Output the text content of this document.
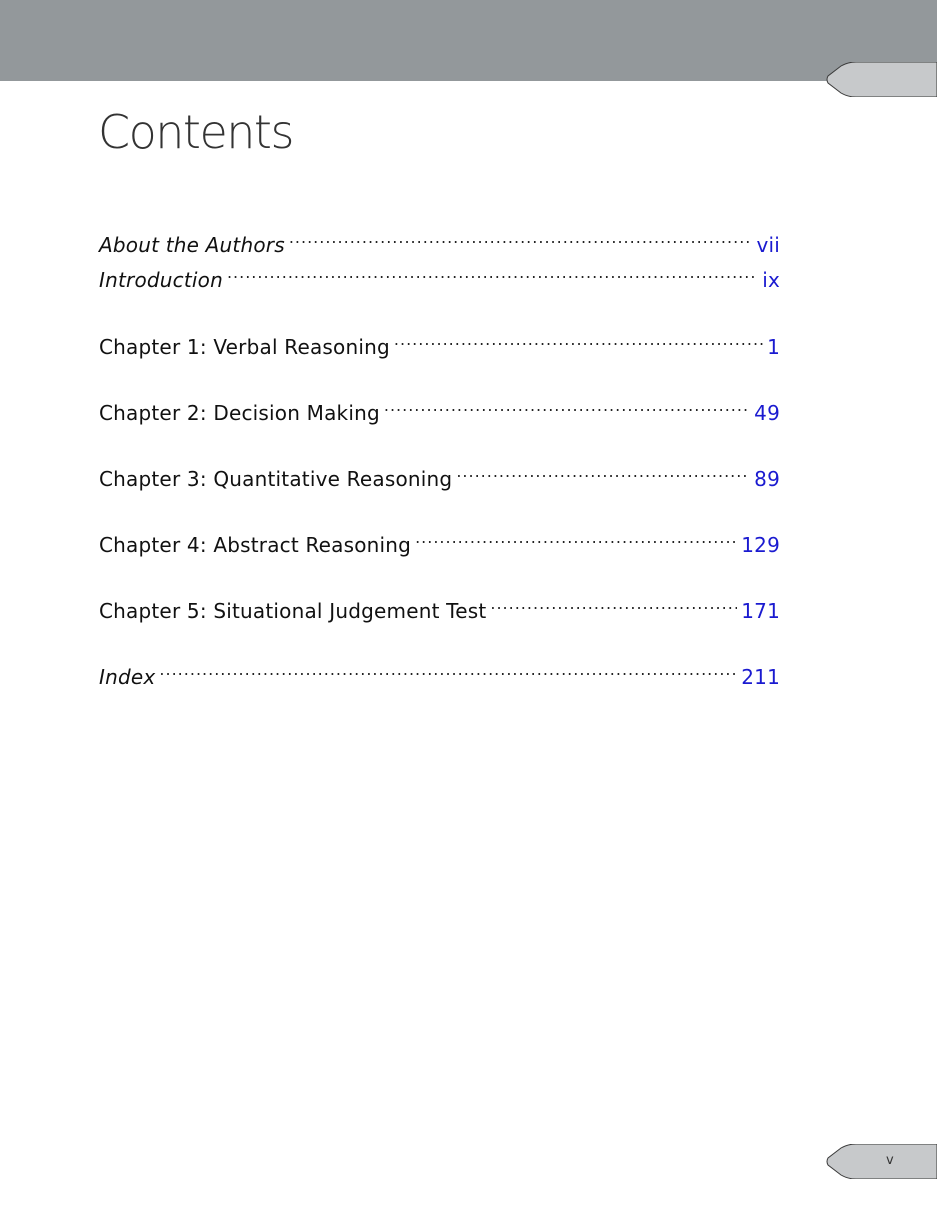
Contents
About the Authors .....	vii
Introduction .....	ix
Chapter 1: Verbal Reasoning .....	1
Chapter 2: Decision Making .....	49
Chapter 3: Quantitative Reasoning .....	89
Chapter 4: Abstract Reasoning .....	129
Chapter 5: Situational Judgement Test .....	171
Index .....	211
v
